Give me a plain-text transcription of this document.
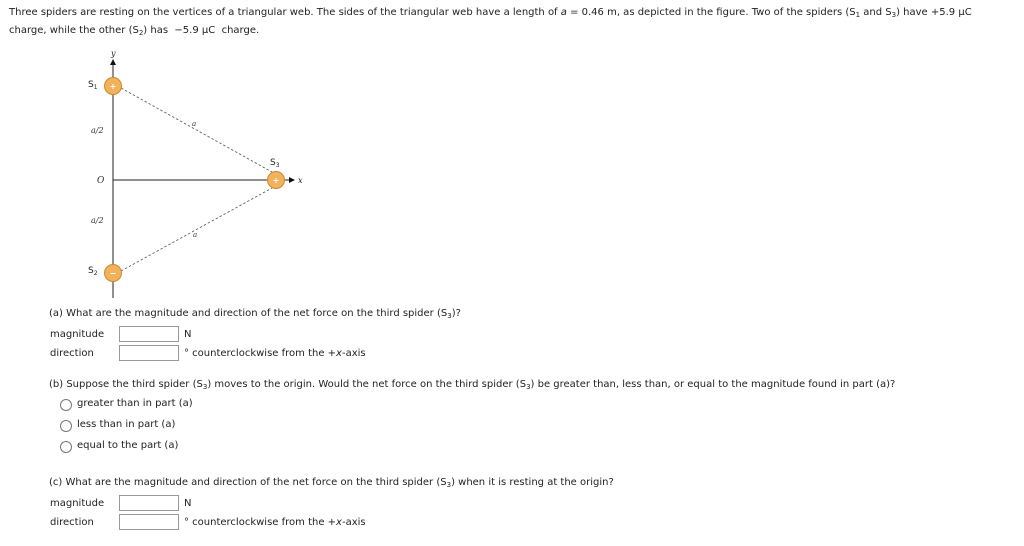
Three spiders are resting on the vertices of a triangular web. The sides of the triangular web have a length of a = 0.46 m, as depicted in the figure. Two of the spiders ($S_1$ and $S_3$) have +5.9 μC
charge, while the other $(S_2)$ has  −5.9 μC  charge.
y
x
a
a
a/2
a/2
O
$S_1$
$S_2$
$S_3$
+
−
+
(a) What are the magnitude and direction of the net force on the third spider $(S_3)$?
magnitude	N
direction	° counterclockwise from the +x-axis
(b) Suppose the third spider $(S_3)$ moves to the origin. Would the net force on the third spider $(S_3)$ be greater than, less than, or equal to the magnitude found in part (a)?
greater than in part (a)
less than in part (a)
equal to the part (a)
(c) What are the magnitude and direction of the net force on the third spider $(S_3)$ when it is resting at the origin?
magnitude	N
direction	° counterclockwise from the +x-axis
